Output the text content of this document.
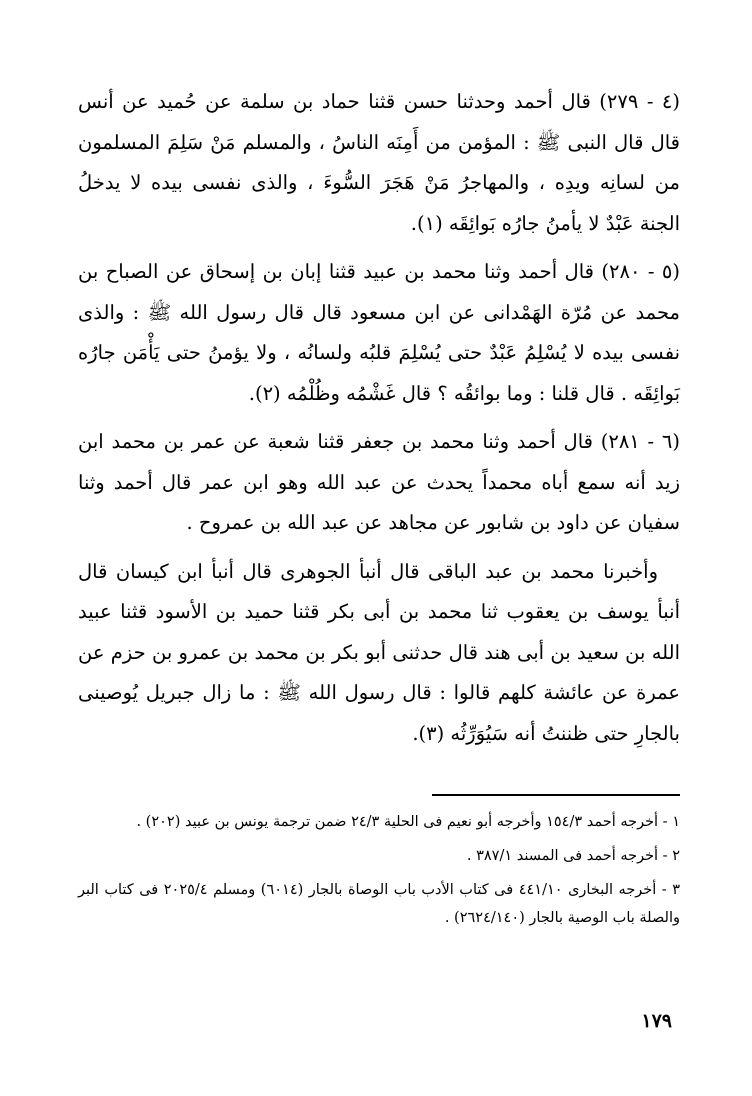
(٤ - ٢٧٩) قال أحمد وحدثنا حسن قثنا حماد بن سلمة عن حُميد عن أنس قال قال النبى ﷺ : المؤمن من أَمِنَه الناسُ ، والمسلم مَنْ سَلِمَ المسلمون من لسانِه ويدِه ، والمهاجرُ مَنْ هَجَرَ السُّوءَ ، والذى نفسى بيده لا يدخلُ الجنة عَبْدٌ لا يأمنُ جارُه بَوائِقَه (١).

(٥ - ٢٨٠) قال أحمد وثنا محمد بن عبيد قثنا إبان بن إسحاق عن الصباح بن محمد عن مُرّة الهَمْدانى عن ابن مسعود قال قال رسول الله ﷺ : والذى نفسى بيده لا يُسْلِمُ عَبْدٌ حتى يُسْلِمَ قلبُه ولسانُه ، ولا يؤمنُ حتى يَأْمَن جارُه بَوائِقَه . قال قلنا : وما بوائقُه ؟ قال غَشْمُه وظُلْمُه (٢).

(٦ - ٢٨١) قال أحمد وثنا محمد بن جعفر قثنا شعبة عن عمر بن محمد ابن زيد أنه سمع أباه محمداً يحدث عن عبد الله وهو ابن عمر قال أحمد وثنا سفيان عن داود بن شابور عن مجاهد عن عبد الله بن عمروح .

وأخبرنا محمد بن عبد الباقى قال أنبأ الجوهرى قال أنبأ ابن كيسان قال أنبأ يوسف بن يعقوب ثنا محمد بن أبى بكر قثنا حميد بن الأسود قثنا عبيد الله بن سعيد بن أبى هند قال حدثنى أبو بكر بن محمد بن عمرو بن حزم عن عمرة عن عائشة كلهم قالوا : قال رسول الله ﷺ : ما زال جبريل يُوصينى بالجارِ حتى ظننتُ أنه سَيُوَرِّثُه (٣).

١ - أخرجه أحمد ١٥٤/٣ وأخرجه أبو نعيم فى الحلية ٢٤/٣ ضمن ترجمة يونس بن عبيد (٢٠٢) .

٢ - أخرجه أحمد فى المسند ٣٨٧/١ .

٣ - أخرجه البخارى ٤٤١/١٠ فى كتاب الأدب باب الوصاة بالجار (٦٠١٤) ومسلم ٢٠٢٥/٤ فى كتاب البر والصلة باب الوصية بالجار (٢٦٢٤/١٤٠) .

١٧٩
